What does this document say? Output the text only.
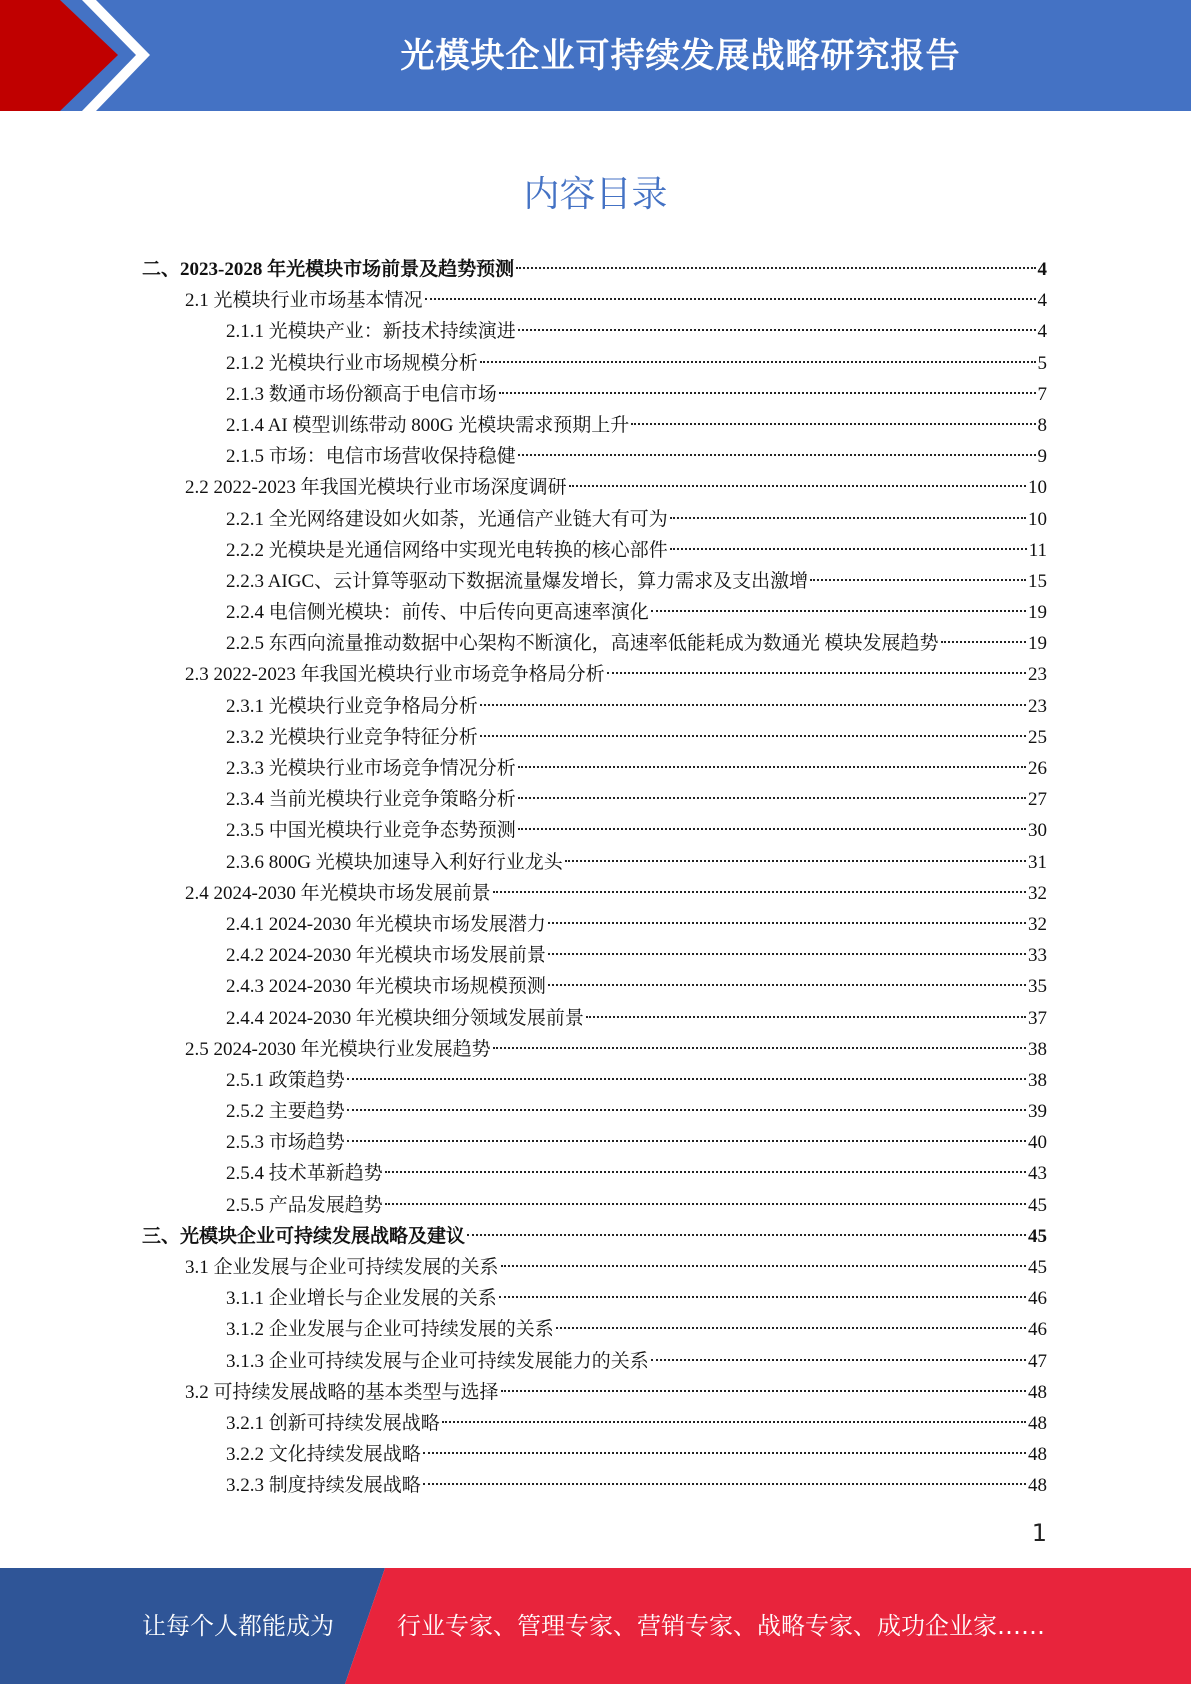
光模块企业可持续发展战略研究报告
内容目录
二、2023-2028 年光模块市场前景及趋势预测	4
2.1 光模块行业市场基本情况	4
2.1.1 光模块产业：新技术持续演进	4
2.1.2 光模块行业市场规模分析	5
2.1.3 数通市场份额高于电信市场	7
2.1.4 AI 模型训练带动 800G 光模块需求预期上升	8
2.1.5 市场：电信市场营收保持稳健	9
2.2 2022-2023 年我国光模块行业市场深度调研	10
2.2.1 全光网络建设如火如荼，光通信产业链大有可为	10
2.2.2 光模块是光通信网络中实现光电转换的核心部件	11
2.2.3 AIGC、云计算等驱动下数据流量爆发增长，算力需求及支出激增	15
2.2.4 电信侧光模块：前传、中后传向更高速率演化	19
2.2.5 东西向流量推动数据中心架构不断演化，高速率低能耗成为数通光 模块发展趋势	19
2.3 2022-2023 年我国光模块行业市场竞争格局分析	23
2.3.1 光模块行业竞争格局分析	23
2.3.2 光模块行业竞争特征分析	25
2.3.3 光模块行业市场竞争情况分析	26
2.3.4 当前光模块行业竞争策略分析	27
2.3.5 中国光模块行业竞争态势预测	30
2.3.6 800G 光模块加速导入利好行业龙头	31
2.4 2024-2030 年光模块市场发展前景	32
2.4.1 2024-2030 年光模块市场发展潜力	32
2.4.2 2024-2030 年光模块市场发展前景	33
2.4.3 2024-2030 年光模块市场规模预测	35
2.4.4 2024-2030 年光模块细分领域发展前景	37
2.5 2024-2030 年光模块行业发展趋势	38
2.5.1 政策趋势	38
2.5.2 主要趋势	39
2.5.3 市场趋势	40
2.5.4 技术革新趋势	43
2.5.5 产品发展趋势	45
三、光模块企业可持续发展战略及建议	45
3.1 企业发展与企业可持续发展的关系	45
3.1.1 企业增长与企业发展的关系	46
3.1.2 企业发展与企业可持续发展的关系	46
3.1.3 企业可持续发展与企业可持续发展能力的关系	47
3.2 可持续发展战略的基本类型与选择	48
3.2.1 创新可持续发展战略	48
3.2.2 文化持续发展战略	48
3.2.3 制度持续发展战略	48
1
让每个人都能成为	行业专家、管理专家、营销专家、战略专家、成功企业家……
